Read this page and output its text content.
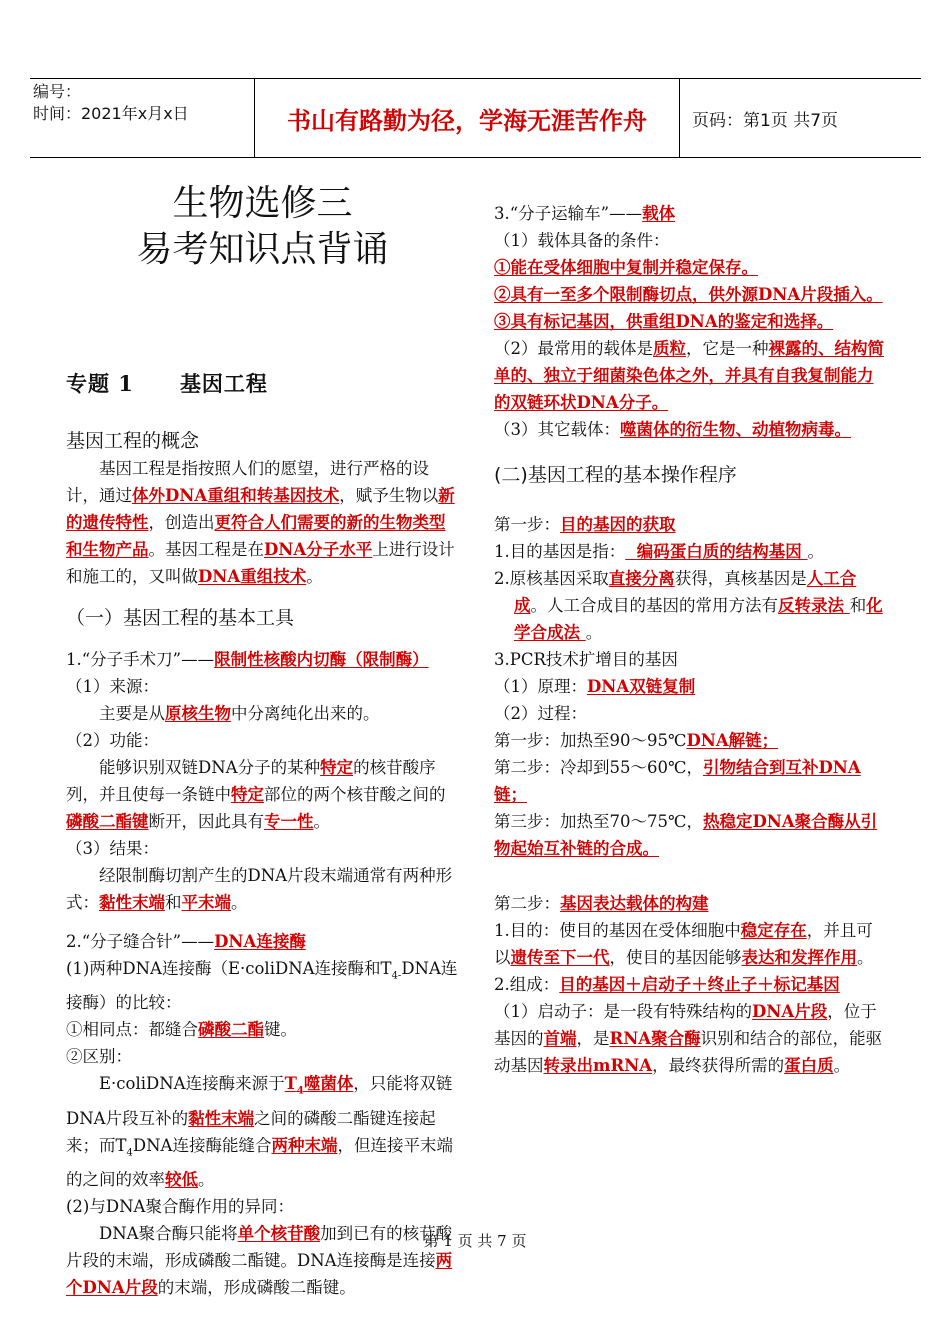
编号：
时间：2021年x月x日	书山有路勤为径，学海无涯苦作舟	页码：第1页 共7页

生物选修三

易考知识点背诵

专题 1 基因工程

基因工程的概念

基因工程是指按照人们的愿望，进行严格的设计，通过体外DNA重组和转基因技术，赋予生物以新的遗传特性，创造出更符合人们需要的新的生物类型和生物产品。基因工程是在DNA分子水平上进行设计和施工的，又叫做DNA重组技术。

（一）基因工程的基本工具

1.“分子手术刀”——限制性核酸内切酶（限制酶）

（1）来源：

主要是从原核生物中分离纯化出来的。

（2）功能：

能够识别双链DNA分子的某种特定的核苷酸序列，并且使每一条链中特定部位的两个核苷酸之间的磷酸二酯键断开，因此具有专一性。

（3）结果：

经限制酶切割产生的DNA片段末端通常有两种形式：黏性末端和平末端。

2.“分子缝合针”——DNA连接酶

(1)两种DNA连接酶（E·coliDNA连接酶和$T_{4-}DNA$连接酶）的比较：

①相同点：都缝合磷酸二酯键。

②区别：

E·coliDNA连接酶来源于$T_4$噬菌体，只能将双链DNA片段互补的黏性末端之间的磷酸二酯键连接起来；而$T_4DNA$连接酶能缝合两种末端，但连接平末端的之间的效率较低。

(2)与DNA聚合酶作用的异同：

DNA聚合酶只能将单个核苷酸加到已有的核苷酸片段的末端，形成磷酸二酯键。DNA连接酶是连接两个DNA片段的末端，形成磷酸二酯键。

3.“分子运输车”——载体

（1）载体具备的条件：

①能在受体细胞中复制并稳定保存。

②具有一至多个限制酶切点，供外源DNA片段插入。

③具有标记基因，供重组DNA的鉴定和选择。

（2）最常用的载体是质粒，它是一种裸露的、结构简单的、独立于细菌染色体之外，并具有自我复制能力的双链环状DNA分子。

（3）其它载体：噬菌体的衍生物、动植物病毒。

(二)基因工程的基本操作程序

第一步：目的基因的获取

1.目的基因是指：  编码蛋白质的结构基因 。

2.原核基因采取直接分离获得，真核基因是人工合成。人工合成目的基因的常用方法有反转录法 和化学合成法 。

3.PCR技术扩增目的基因

（1）原理：DNA双链复制

（2）过程：

第一步：加热至90～95℃DNA解链；

第二步：冷却到55～60℃，引物结合到互补DNA链；

第三步：加热至70～75℃，热稳定DNA聚合酶从引物起始互补链的合成。

第二步：基因表达载体的构建

1.目的：使目的基因在受体细胞中稳定存在，并且可以遗传至下一代，使目的基因能够表达和发挥作用。

2.组成：目的基因＋启动子＋终止子＋标记基因

（1）启动子：是一段有特殊结构的DNA片段，位于基因的首端，是RNA聚合酶识别和结合的部位，能驱动基因转录出mRNA，最终获得所需的蛋白质。

第 1 页 共 7 页
